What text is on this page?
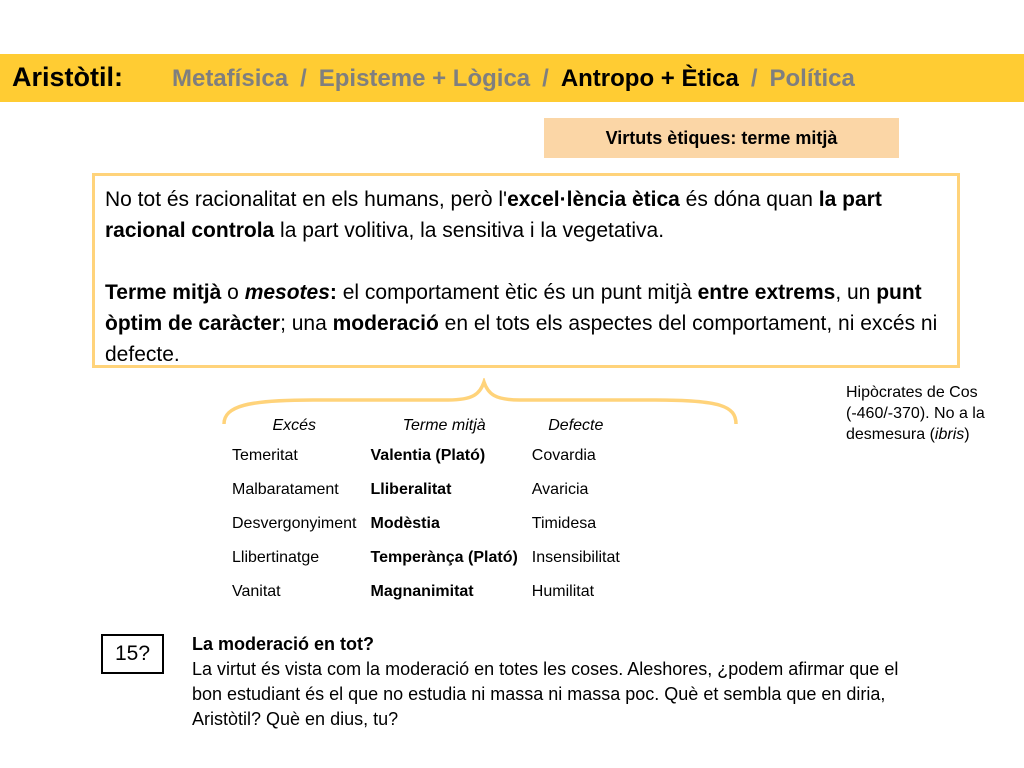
Aristòtil: Metafísica / Episteme + Lògica / Antropo + Ètica / Política
Virtuts ètiques: terme mitjà

No tot és racionalitat en els humans, però l'excel·lència ètica és dóna quan la part racional controla la part volitiva, la sensitiva i la vegetativa.

Terme mitjà o mesotes: el comportament ètic és un punt mitjà entre extrems, un punt òptim de caràcter; una moderació en el tots els aspectes del comportament, ni excés ni defecte.

Hipòcrates de Cos (-460/-370). No a la desmesura (ibris)
Excés	Terme mitjà	Defecte
Temeritat	Valentia (Plató)	Covardia
Malbaratament	Lliberalitat	Avaricia
Desvergonyiment	Modèstia	Timidesa
Llibertinatge	Temperànça (Plató)	Insensibilitat
Vanitat	Magnanimitat	Humilitat
15?	La moderació en tot?
La virtut és vista com la moderació en totes les coses. Aleshores, ¿podem afirmar que el bon estudiant és el que no estudia ni massa ni massa poc. Què et sembla que en diria, Aristòtil? Què en dius, tu?
